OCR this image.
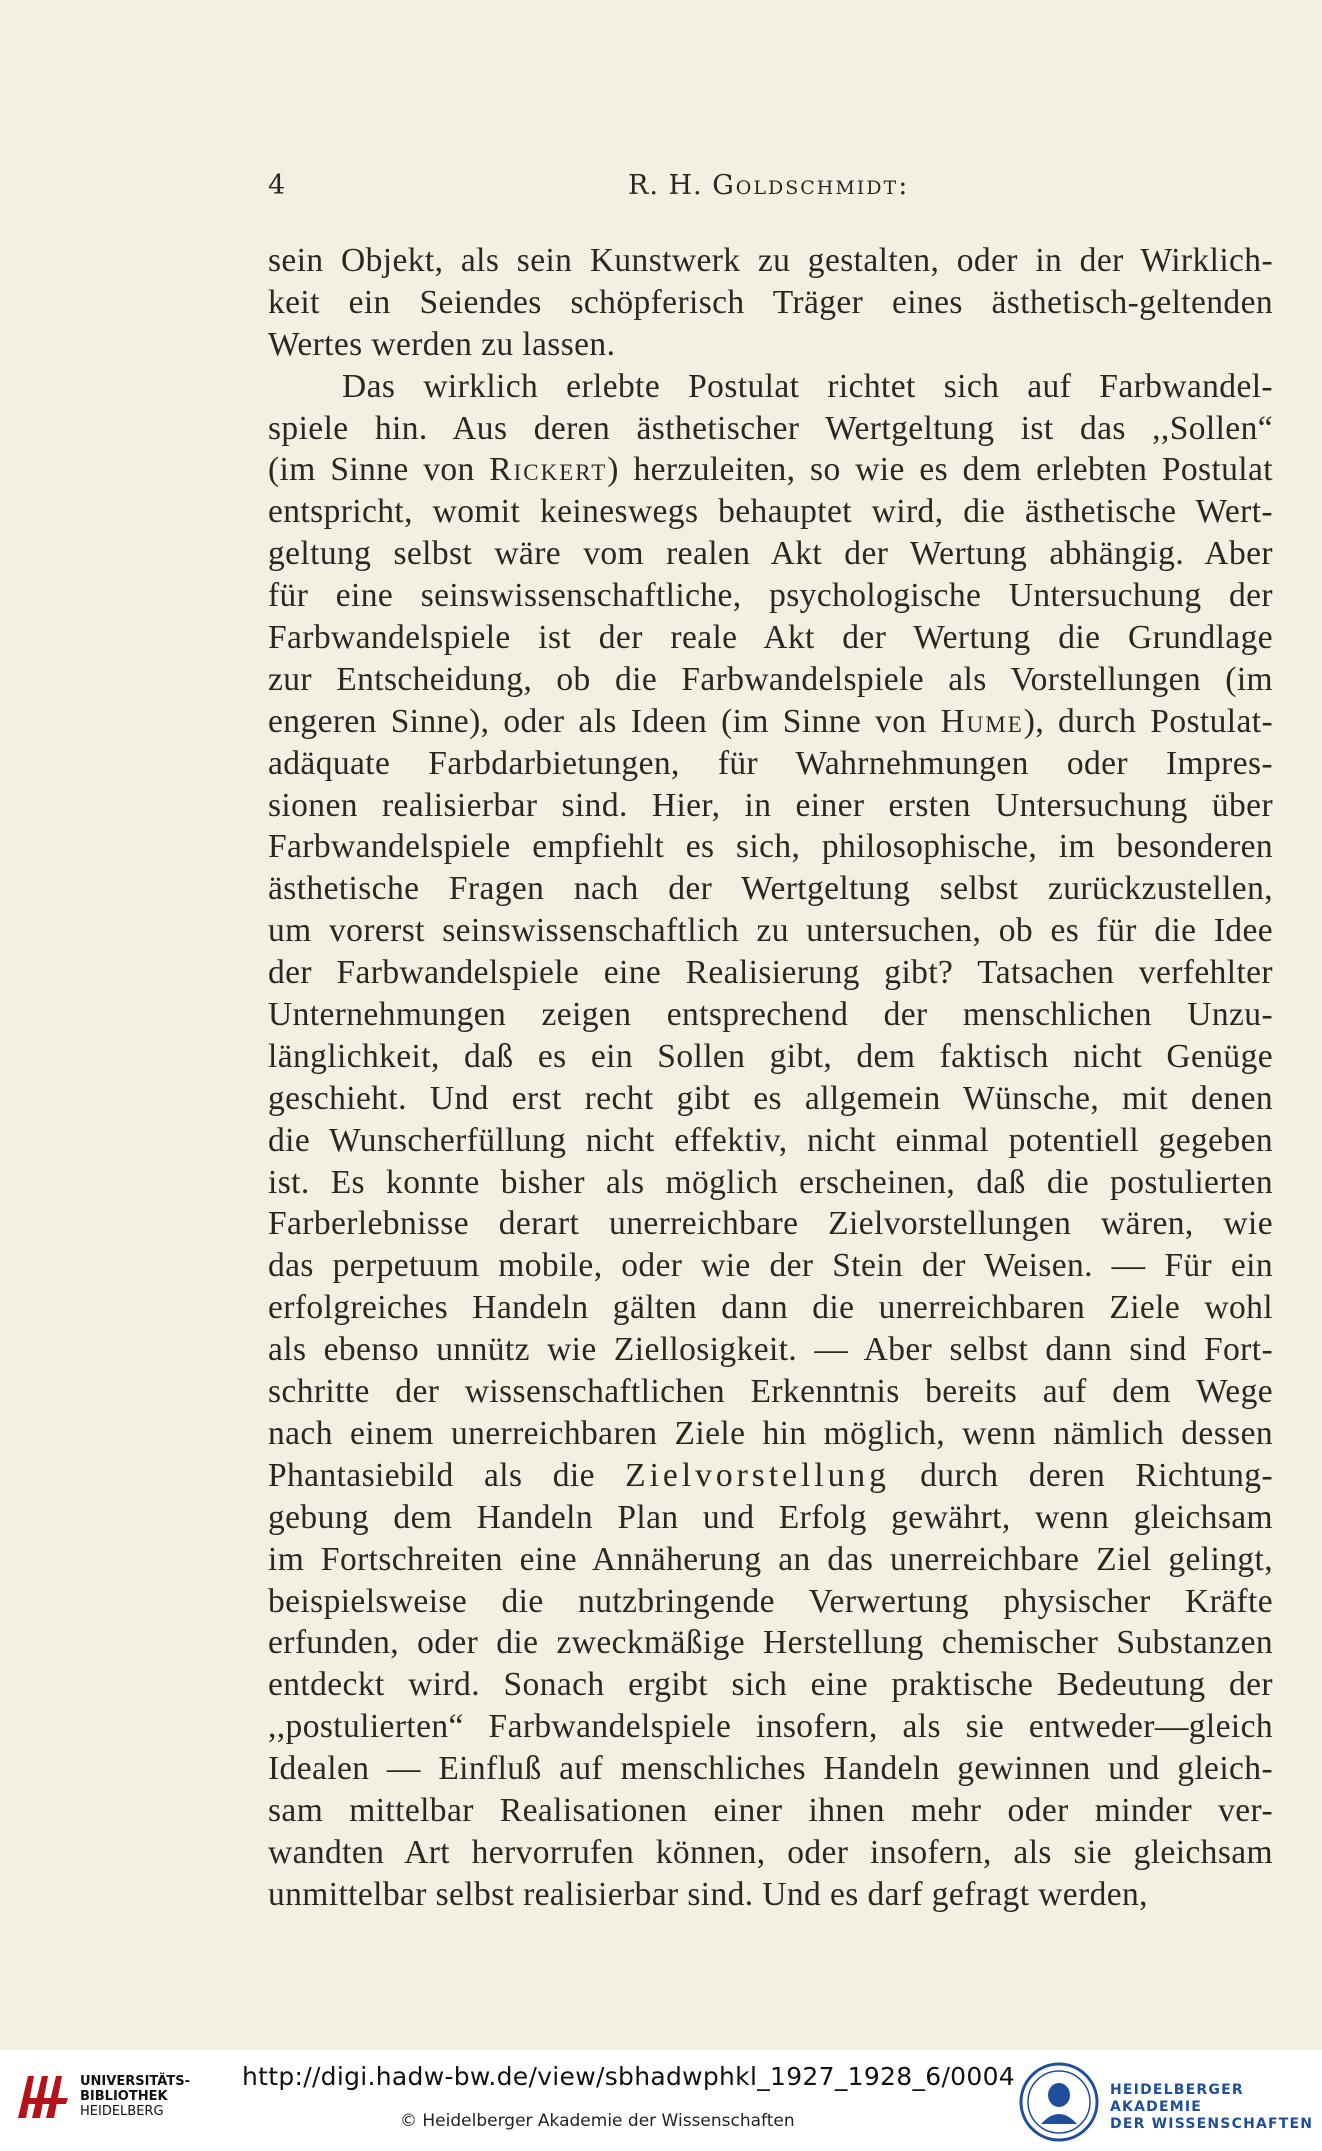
4	R. H. Goldschmidt:
sein Objekt, als sein Kunstwerk zu gestalten, oder in der Wirklich-
keit ein Seiendes schöpferisch Träger eines ästhetisch-geltenden
Wertes werden zu lassen.
Das wirklich erlebte Postulat richtet sich auf Farbwandel-
spiele hin. Aus deren ästhetischer Wertgeltung ist das ,,Sollen“
(im Sinne von Rickert) herzuleiten, so wie es dem erlebten Postulat
entspricht, womit keineswegs behauptet wird, die ästhetische Wert-
geltung selbst wäre vom realen Akt der Wertung abhängig. Aber
für eine seinswissenschaftliche, psychologische Untersuchung der
Farbwandelspiele ist der reale Akt der Wertung die Grundlage
zur Entscheidung, ob die Farbwandelspiele als Vorstellungen (im
engeren Sinne), oder als Ideen (im Sinne von Hume), durch Postulat-
adäquate Farbdarbietungen, für Wahrnehmungen oder Impres-
sionen realisierbar sind. Hier, in einer ersten Untersuchung über
Farbwandelspiele empfiehlt es sich, philosophische, im besonderen
ästhetische Fragen nach der Wertgeltung selbst zurückzustellen,
um vorerst seinswissenschaftlich zu untersuchen, ob es für die Idee
der Farbwandelspiele eine Realisierung gibt? Tatsachen verfehlter
Unternehmungen zeigen entsprechend der menschlichen Unzu-
länglichkeit, daß es ein Sollen gibt, dem faktisch nicht Genüge
geschieht. Und erst recht gibt es allgemein Wünsche, mit denen
die Wunscherfüllung nicht effektiv, nicht einmal potentiell gegeben
ist. Es konnte bisher als möglich erscheinen, daß die postulierten
Farberlebnisse derart unerreichbare Zielvorstellungen wären, wie
das perpetuum mobile, oder wie der Stein der Weisen. — Für ein
erfolgreiches Handeln gälten dann die unerreichbaren Ziele wohl
als ebenso unnütz wie Ziellosigkeit. — Aber selbst dann sind Fort-
schritte der wissenschaftlichen Erkenntnis bereits auf dem Wege
nach einem unerreichbaren Ziele hin möglich, wenn nämlich dessen
Phantasiebild als die Zielvorstellung durch deren Richtung-
gebung dem Handeln Plan und Erfolg gewährt, wenn gleichsam
im Fortschreiten eine Annäherung an das unerreichbare Ziel gelingt,
beispielsweise die nutzbringende Verwertung physischer Kräfte
erfunden, oder die zweckmäßige Herstellung chemischer Substanzen
entdeckt wird. Sonach ergibt sich eine praktische Bedeutung der
,,postulierten“ Farbwandelspiele insofern, als sie entweder—gleich
Idealen — Einfluß auf menschliches Handeln gewinnen und gleich-
sam mittelbar Realisationen einer ihnen mehr oder minder ver-
wandten Art hervorrufen können, oder insofern, als sie gleichsam
unmittelbar selbst realisierbar sind. Und es darf gefragt werden,
UNIVERSITÄTS-
BIBLIOTHEK
HEIDELBERG
http://digi.hadw-bw.de/view/sbhadwphkl_1927_1928_6/0004
© Heidelberger Akademie der Wissenschaften
HEIDELBERGER AKADEMIE
DER WISSENSCHAFTEN
